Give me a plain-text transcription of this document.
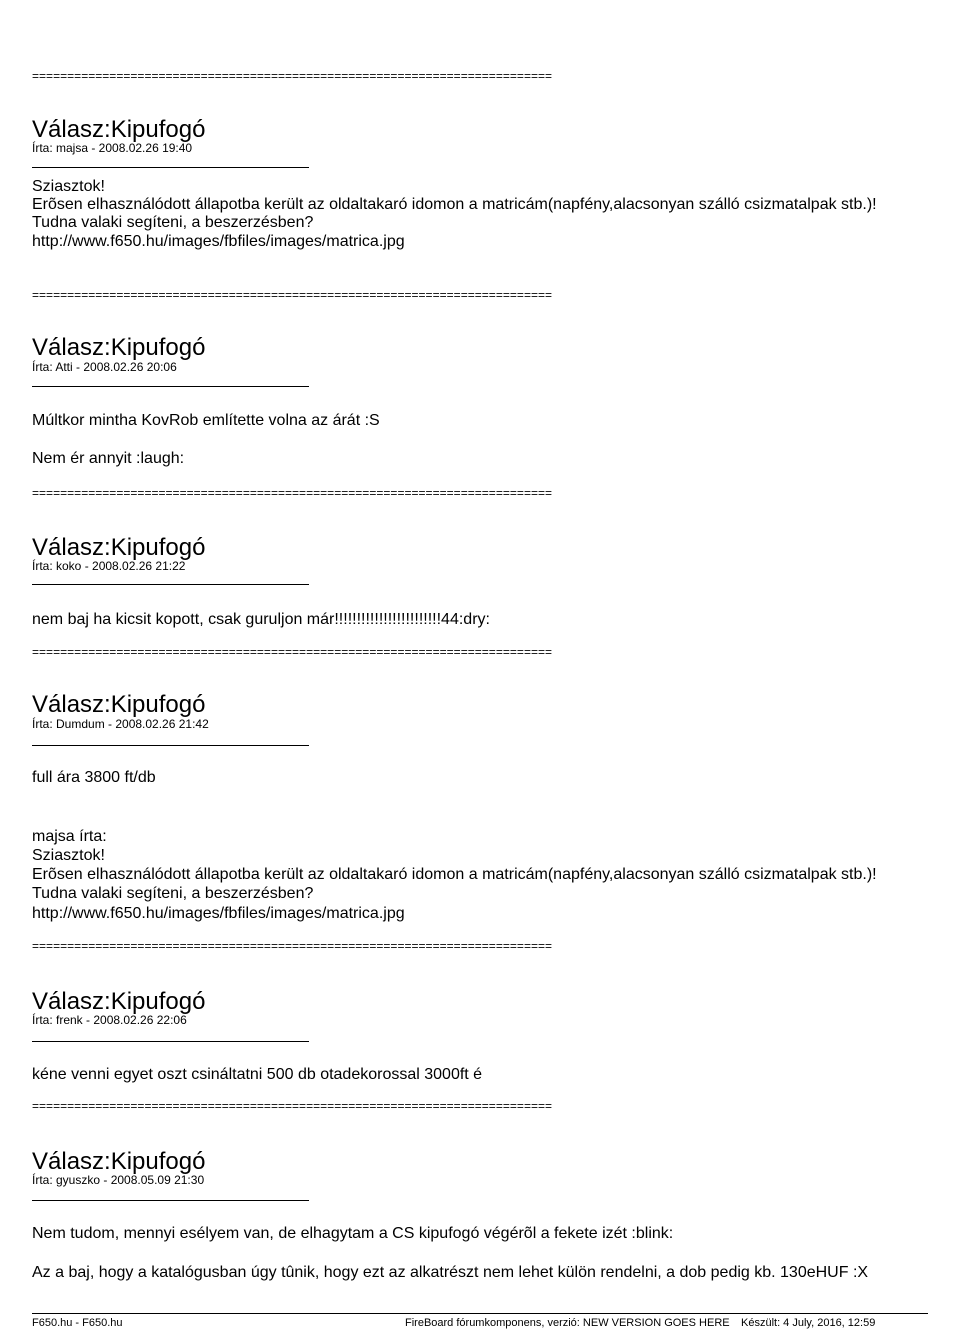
==========================================================================
Válasz:Kipufogó
Írta: majsa - 2008.02.26 19:40
Sziasztok!
Erõsen elhasználódott állapotba került az oldaltakaró idomon a matricám(napfény,alacsonyan szálló csizmatalpak stb.)!
Tudna valaki segíteni, a beszerzésben?
http://www.f650.hu/images/fbfiles/images/matrica.jpg
==========================================================================
Válasz:Kipufogó
Írta: Atti - 2008.02.26 20:06
Múltkor mintha KovRob említette volna az árát :S
Nem ér annyit :laugh:
==========================================================================
Válasz:Kipufogó
Írta: koko - 2008.02.26 21:22
nem baj ha kicsit kopott, csak guruljon már!!!!!!!!!!!!!!!!!!!!!!!!44:dry:
==========================================================================
Válasz:Kipufogó
Írta: Dumdum - 2008.02.26 21:42
full ára 3800 ft/db
majsa írta:
Sziasztok!
Erõsen elhasználódott állapotba került az oldaltakaró idomon a matricám(napfény,alacsonyan szálló csizmatalpak stb.)!
Tudna valaki segíteni, a beszerzésben?
http://www.f650.hu/images/fbfiles/images/matrica.jpg
==========================================================================
Válasz:Kipufogó
Írta: frenk - 2008.02.26 22:06
kéne venni egyet oszt csináltatni 500 db otadekorossal 3000ft é
==========================================================================
Válasz:Kipufogó
Írta: gyuszko - 2008.05.09 21:30
Nem tudom, mennyi esélyem van, de elhagytam a CS kipufogó végérõl a fekete izét :blink:
Az a baj, hogy a katalógusban úgy tûnik, hogy ezt az alkatrészt nem lehet külön rendelni, a dob pedig kb. 130eHUF :X
F650.hu - F650.hu	FireBoard fórumkomponens, verzió: NEW VERSION GOES HERE Készült: 4 July, 2016, 12:59
